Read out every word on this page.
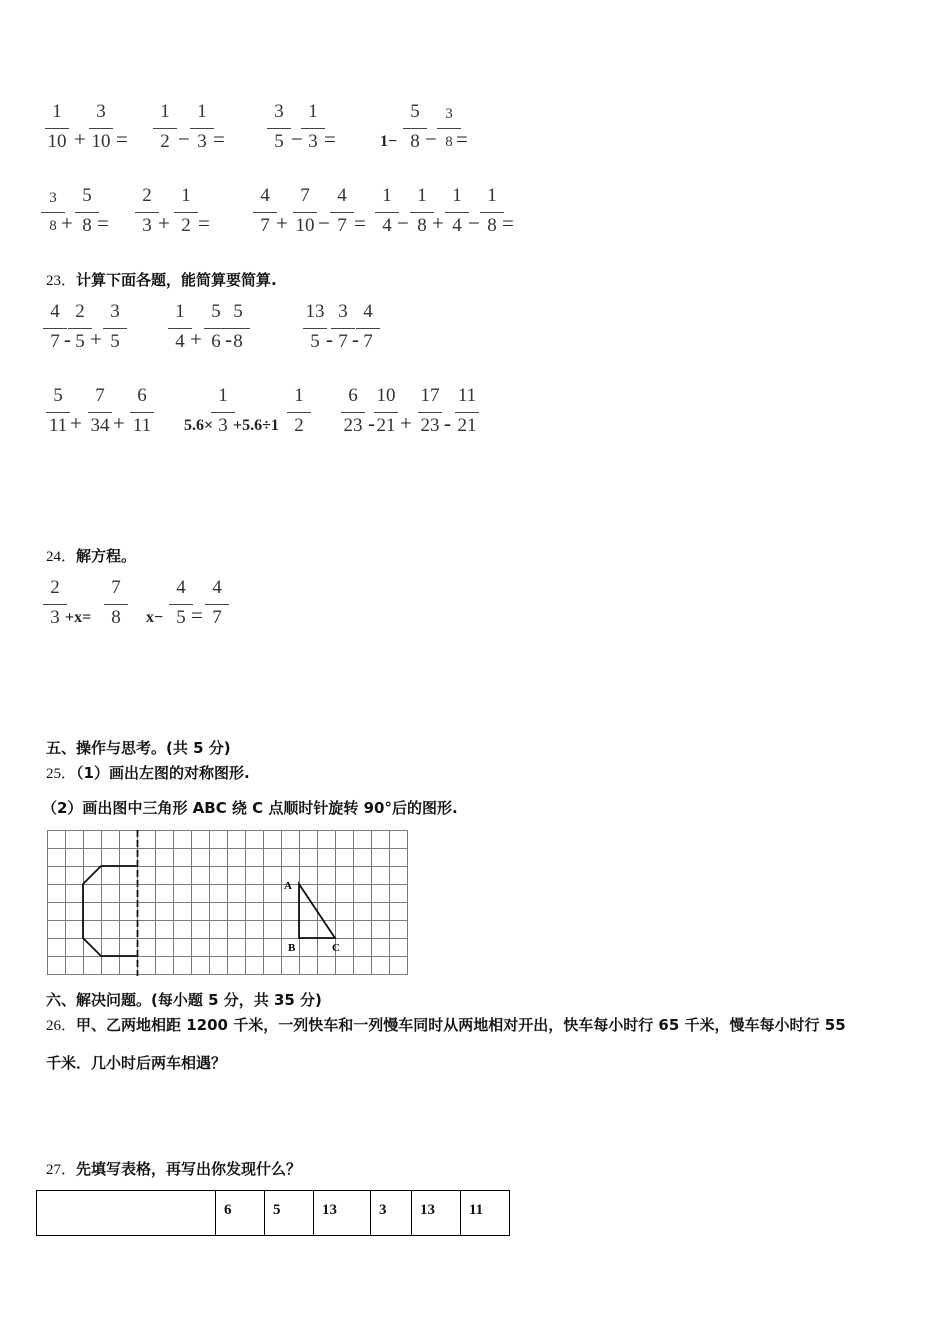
1
10 +
3
10 =
1
2 −
1
3 =
3
5 −
1
3 =	1−
5
8 −
3
8 =
3
8 +
5
8 =
2
3 +
1
2 =
4
7 +
7
10 −
4
7 =
1
4 −
1
8 +
1
4 −
1
8 =
23．计算下面各题，能简算要简算.
4
7 -
2
5 +
3
5
1
4 +
5
6 -
5
8
13
5 -
3
7 -
4
7
5
11 +
7
34 +
6
11	5.6×
1
3 +5.6÷1
1
2
6
23 -
10
21 +
17
23 -
11
21
24．解方程。
2
3 +x=
7
8	x−
4
5 =
4
7
五、操作与思考。(共 5 分)
25．（1）画出左图的对称图形.
（2）画出图中三角形 ABC 绕 C 点顺时针旋转 90°后的图形.
A
B	C
六、解决问题。(每小题 5 分，共 35 分)
26．甲、乙两地相距 1200 千米，一列快车和一列慢车同时从两地相对开出，快车每小时行 65 千米，慢车每小时行 55
千米．几小时后两车相遇？
27．先填写表格，再写出你发现什么？

6	5	13	3	13	11
